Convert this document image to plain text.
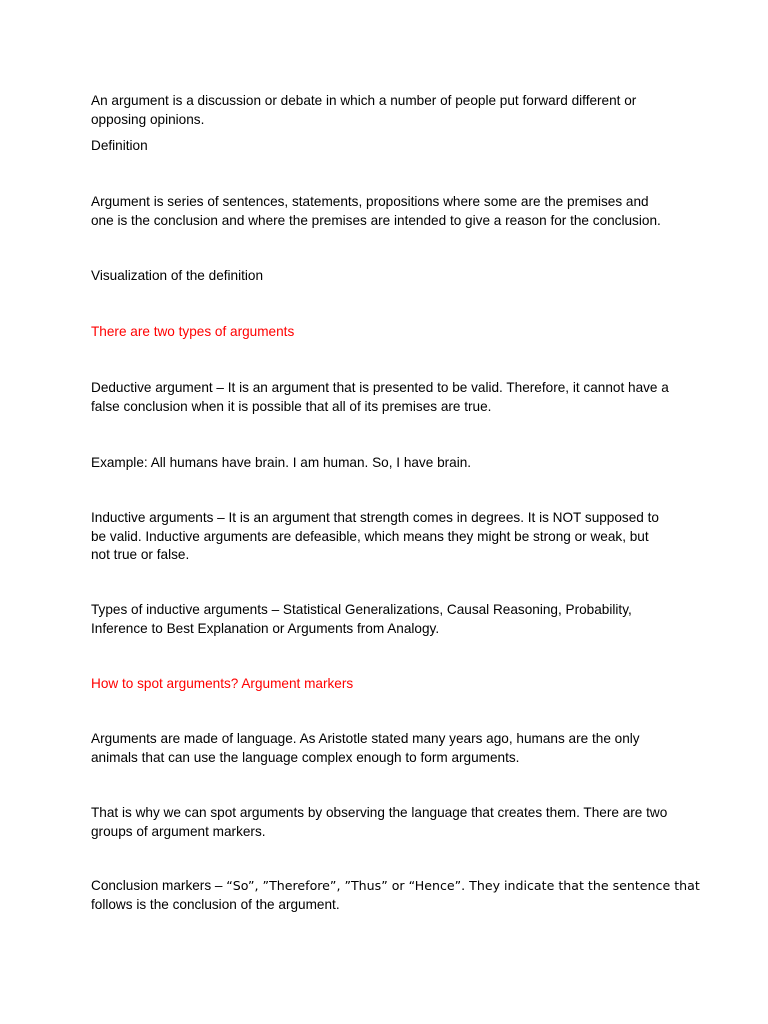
An argument is a discussion or debate in which a number of people put forward different or
opposing opinions.

Definition

Argument is series of sentences, statements, propositions where some are the premises and
one is the conclusion and where the premises are intended to give a reason for the conclusion.

Visualization of the definition

There are two types of arguments

Deductive argument – It is an argument that is presented to be valid. Therefore, it cannot have a
false conclusion when it is possible that all of its premises are true.

Example: All humans have brain. I am human. So, I have brain.

Inductive arguments – It is an argument that strength comes in degrees. It is NOT supposed to
be valid. Inductive arguments are defeasible, which means they might be strong or weak, but
not true or false.

Types of inductive arguments – Statistical Generalizations, Causal Reasoning, Probability,
Inference to Best Explanation or Arguments from Analogy.

How to spot arguments? Argument markers

Arguments are made of language. As Aristotle stated many years ago, humans are the only
animals that can use the language complex enough to form arguments.

That is why we can spot arguments by observing the language that creates them. There are two
groups of argument markers.

Conclusion markers – “So”, ”Therefore”, ”Thus” or “Hence”. They indicate that the sentence that
follows is the conclusion of the argument.
